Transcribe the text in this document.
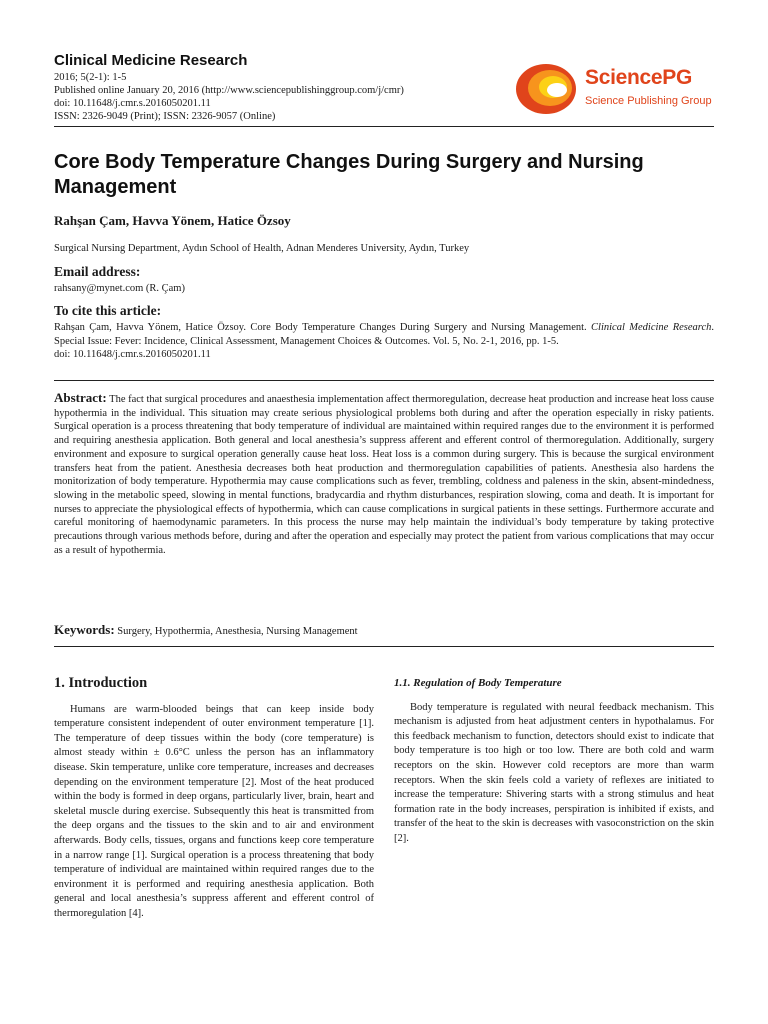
Clinical Medicine Research

2016; 5(2-1): 1-5

Published online January 20, 2016 (http://www.sciencepublishinggroup.com/j/cmr)

doi: 10.11648/j.cmr.s.2016050201.11

ISSN: 2326-9049 (Print); ISSN: 2326-9057 (Online)

SciencePG
Science Publishing Group
Core Body Temperature Changes During Surgery and Nursing Management

Rahşan Çam, Havva Yönem, Hatice Özsoy

Surgical Nursing Department, Aydın School of Health, Adnan Menderes University, Aydın, Turkey

Email address:

rahsany@mynet.com (R. Çam)

To cite this article:

Rahşan Çam, Havva Yönem, Hatice Özsoy. Core Body Temperature Changes During Surgery and Nursing Management. Clinical Medicine Research. Special Issue: Fever: Incidence, Clinical Assessment, Management Choices & Outcomes. Vol. 5, No. 2-1, 2016, pp. 1-5.

doi: 10.11648/j.cmr.s.2016050201.11

Abstract: The fact that surgical procedures and anaesthesia implementation affect thermoregulation, decrease heat production and increase heat loss cause hypothermia in the individual. This situation may create serious physiological problems both during and after the operation especially in risky patients. Surgical operation is a process threatening that body temperature of individual are maintained within required ranges due to the environment it is performed and requiring anesthesia application. Both general and local anesthesia’s suppress afferent and efferent control of thermoregulation. Additionally, surgery environment and exposure to surgical operation generally cause heat loss. Heat loss is a common during surgery. This is because the surgical environment transfers heat from the patient. Anesthesia decreases both heat production and thermoregulation capabilities of patients. Anesthesia also hardens the monitorization of body temperature. Hypothermia may cause complications such as fever, trembling, coldness and paleness in the skin, absent-mindedness, slowing in the metabolic speed, slowing in mental functions, bradycardia and rhythm disturbances, respiration slowing, coma and death. It is important for nurses to appreciate the physiological effects of hypothermia, which can cause complications in surgical patients in these settings. Furthermore accurate and careful monitoring of haemodynamic parameters. In this process the nurse may help maintain the individual’s body temperature by taking protective precautions through various methods before, during and after the operation and especially may protect the patient from various complications that may occur as a result of hypothermia.

Keywords: Surgery, Hypothermia, Anesthesia, Nursing Management

1. Introduction

Humans are warm-blooded beings that can keep inside body temperature consistent independent of outer environment temperature [1]. The temperature of deep tissues within the body (core temperature) is almost steady within ± 0.6°C unless the person has an inflammatory disease. Skin temperature, unlike core temperature, increases and decreases depending on the environment temperature [2]. Most of the heat produced within the body is formed in deep organs, particularly liver, brain, heart and skeletal muscle during exercise. Subsequently this heat is transmitted from the deep organs and the tissues to the skin and to air and environment afterwards. Body cells, tissues, organs and functions keep core temperature in a narrow range [1]. Surgical operation is a process threatening that body temperature of individual are maintained within required ranges due to the environment it is performed and requiring anesthesia application. Both general and local anesthesia’s suppress afferent and efferent control of thermoregulation [4].

1.1. Regulation of Body Temperature

Body temperature is regulated with neural feedback mechanism. This mechanism is adjusted from heat adjustment centers in hypothalamus. For this feedback mechanism to function, detectors should exist to indicate that body temperature is too high or too low. There are both cold and warm receptors on the skin. However cold receptors are more than warm receptors. When the skin feels cold a variety of reflexes are initiated to increase the temperature: Shivering starts with a strong stimulus and heat formation rate in the body increases, perspiration is inhibited if exists, and transfer of the heat to the skin is decreases with vasoconstriction on the skin [2].
